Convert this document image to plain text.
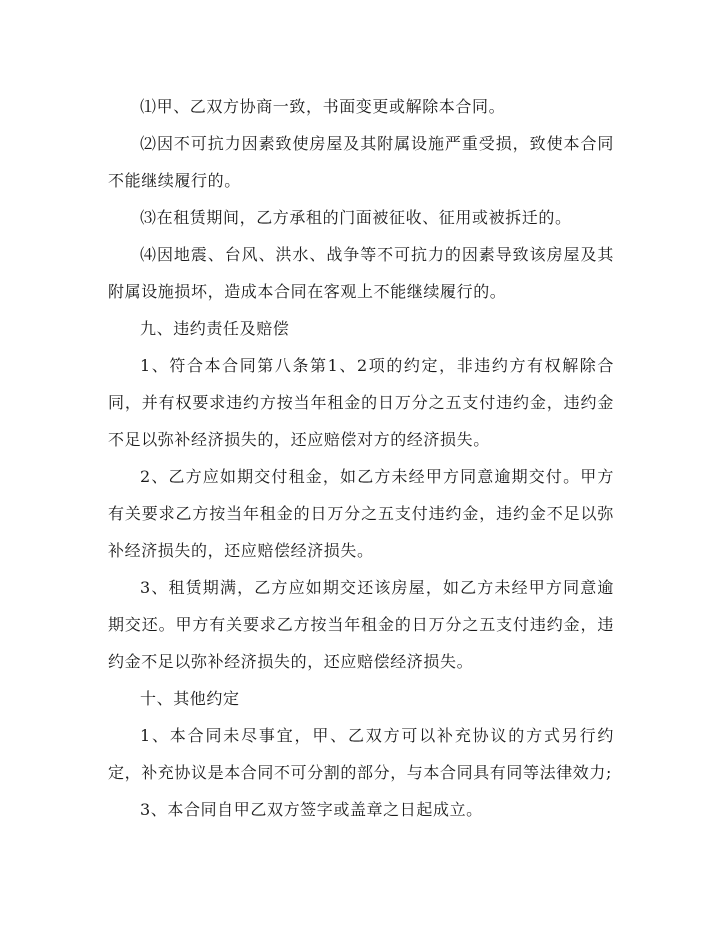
⑴甲、乙双方协商一致，书面变更或解除本合同。

⑵因不可抗力因素致使房屋及其附属设施严重受损，致使本合同不能继续履行的。

⑶在租赁期间，乙方承租的门面被征收、征用或被拆迁的。

⑷因地震、台风、洪水、战争等不可抗力的因素导致该房屋及其附属设施损坏，造成本合同在客观上不能继续履行的。

九、违约责任及赔偿

1、符合本合同第八条第1、2项的约定，非违约方有权解除合同，并有权要求违约方按当年租金的日万分之五支付违约金，违约金不足以弥补经济损失的，还应赔偿对方的经济损失。

2、乙方应如期交付租金，如乙方未经甲方同意逾期交付。甲方有关要求乙方按当年租金的日万分之五支付违约金，违约金不足以弥补经济损失的，还应赔偿经济损失。

3、租赁期满，乙方应如期交还该房屋，如乙方未经甲方同意逾期交还。甲方有关要求乙方按当年租金的日万分之五支付违约金，违约金不足以弥补经济损失的，还应赔偿经济损失。

十、其他约定

1、本合同未尽事宜，甲、乙双方可以补充协议的方式另行约定，补充协议是本合同不可分割的部分，与本合同具有同等法律效力;

3、本合同自甲乙双方签字或盖章之日起成立。
